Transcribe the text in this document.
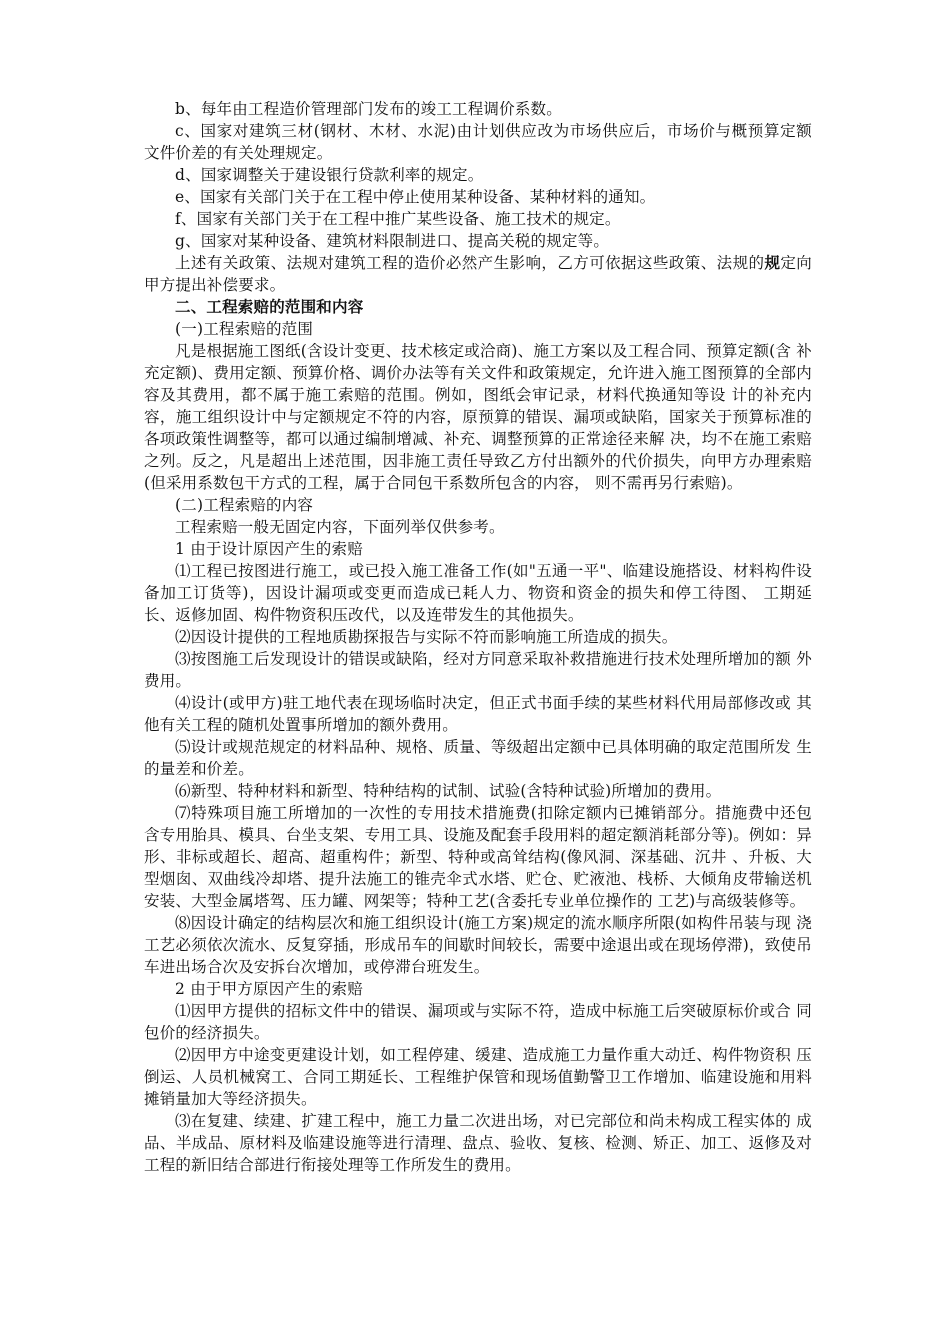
b、每年由工程造价管理部门发布的竣工工程调价系数。

c、国家对建筑三材(钢材、木材、水泥)由计划供应改为市场供应后，市场价与概预算定额 文件价差的有关处理规定。

d、国家调整关于建设银行贷款利率的规定。

e、国家有关部门关于在工程中停止使用某种设备、某种材料的通知。

f、国家有关部门关于在工程中推广某些设备、施工技术的规定。

g、国家对某种设备、建筑材料限制进口、提高关税的规定等。

上述有关政策、法规对建筑工程的造价必然产生影响，乙方可依据这些政策、法规的规定向 甲方提出补偿要求。

二、工程索赔的范围和内容

(一)工程索赔的范围

凡是根据施工图纸(含设计变更、技术核定或洽商)、施工方案以及工程合同、预算定额(含 补充定额)、费用定额、预算价格、调价办法等有关文件和政策规定，允许进入施工图预算的全部内容及其费用，都不属于施工索赔的范围。例如，图纸会审记录，材料代换通知等设 计的补充内容，施工组织设计中与定额规定不符的内容，原预算的错误、漏项或缺陷，国家关于预算标准的各项政策性调整等，都可以通过编制增减、补充、调整预算的正常途径来解 决，均不在施工索赔之列。反之，凡是超出上述范围，因非施工责任导致乙方付出额外的代价损失，向甲方办理索赔(但采用系数包干方式的工程，属于合同包干系数所包含的内容， 则不需再另行索赔)。

(二)工程索赔的内容

工程索赔一般无固定内容，下面列举仅供参考。

1 由于设计原因产生的索赔

⑴工程已按图进行施工，或已投入施工准备工作(如"五通一平"、临建设施搭设、材料构件设备加工订货等)，因设计漏项或变更而造成已耗人力、物资和资金的损失和停工待图、 工期延长、返修加固、构件物资积压改代，以及连带发生的其他损失。

⑵因设计提供的工程地质勘探报告与实际不符而影响施工所造成的损失。

⑶按图施工后发现设计的错误或缺陷，经对方同意采取补救措施进行技术处理所增加的额 外费用。

⑷设计(或甲方)驻工地代表在现场临时决定，但正式书面手续的某些材料代用局部修改或 其他有关工程的随机处置事所增加的额外费用。

⑸设计或规范规定的材料品种、规格、质量、等级超出定额中已具体明确的取定范围所发 生的量差和价差。

⑹新型、特种材料和新型、特种结构的试制、试验(含特种试验)所增加的费用。

⑺特殊项目施工所增加的一次性的专用技术措施费(扣除定额内已摊销部分。措施费中还包 含专用胎具、模具、台坐支架、专用工具、设施及配套手段用料的超定额消耗部分等)。例如：异形、非标或超长、超高、超重构件；新型、特种或高耸结构(像风洞、深基础、沉井 、升板、大型烟囱、双曲线冷却塔、提升法施工的锥壳伞式水塔、贮仓、贮液池、栈桥、大倾角皮带输送机安装、大型金属塔驾、压力罐、网架等；特种工艺(含委托专业单位操作的 工艺)与高级装修等。

⑻因设计确定的结构层次和施工组织设计(施工方案)规定的流水顺序所限(如构件吊装与现 浇工艺必须依次流水、反复穿插，形成吊车的间歇时间较长，需要中途退出或在现场停滞)，致使吊车进出场合次及安拆台次增加，或停滞台班发生。

2 由于甲方原因产生的索赔

⑴因甲方提供的招标文件中的错误、漏项或与实际不符，造成中标施工后突破原标价或合 同包价的经济损失。

⑵因甲方中途变更建设计划，如工程停建、缓建、造成施工力量作重大动迁、构件物资积 压倒运、人员机械窝工、合同工期延长、工程维护保管和现场值勤警卫工作增加、临建设施和用料摊销量加大等经济损失。

⑶在复建、续建、扩建工程中，施工力量二次进出场，对已完部位和尚未构成工程实体的 成品、半成品、原材料及临建设施等进行清理、盘点、验收、复核、检测、矫正、加工、返修及对工程的新旧结合部进行衔接处理等工作所发生的费用。
